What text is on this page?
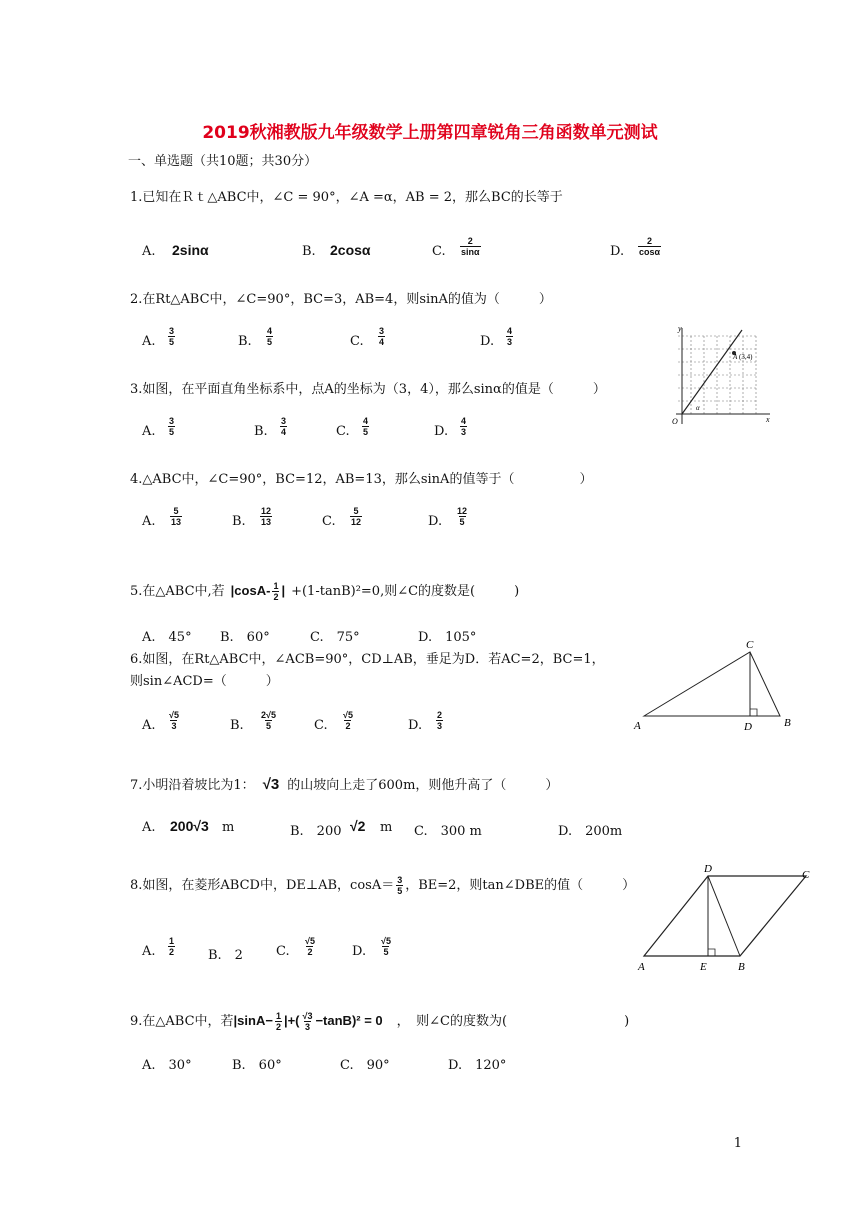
2019秋湘教版九年级数学上册第四章锐角三角函数单元测试
一、单选题（共10题；共30分）
1.已知在Ｒｔ△ABC中，∠C = 90°，∠A =α，AB = 2，那么BC的长等于
A. 2sinα	B. 2cosα	C. $\frac{2}{\sin\alpha}$	D. $\frac{2}{\cos\alpha}$
2.在Rt△ABC中，∠C=90°，BC=3，AB=4，则sinA的值为（　　　）
A. $\frac{3}{5}$	B. $\frac{4}{5}$	C. $\frac{3}{4}$	D. $\frac{4}{3}$
3.如图，在平面直角坐标系中，点A的坐标为（3，4），那么sinα的值是（　　　）
A. $\frac{3}{5}$	B. $\frac{3}{4}$	C. $\frac{4}{5}$	D. $\frac{4}{3}$
y
x
O
A (3,4)
α
4.△ABC中，∠C=90°，BC=12，AB=13，那么sinA的值等于（　　　　　）
A. $\frac{5}{13}$	B. $\frac{12}{13}$	C. $\frac{5}{12}$	D. $\frac{12}{5}$
5.在△ABC中,若 $|\cos A- \frac{1}{2}$ | +(1-tanB)²=0,则∠C的度数是(　　　)
A.　45° B.　60°	C.　75°	D.　105°
6.如图，在Rt△ABC中，∠ACB=90°，CD⊥AB，垂足为D．若AC=2，BC=1，
则sin∠ACD=（　　　）
A. $\frac{√5}{3}$	B. $\frac{2√5}{5}$	C. $\frac{√5}{2}$	D. $\frac{2}{3}$	A
C
D	B
7.小明沿着坡比为1： √3 的山坡向上走了600m，则他升高了（　　　）
A. 200√3 m	B.　200 √2 m C.　300 m	D.　200m
8.如图，在菱形ABCD中，DE⊥AB，$\cos A= \frac{3}{5}$ ，BE=2，则tan∠DBE的值（　　　）
A. $\frac{1}{2}$	B.　2	C. $\frac{√5}{2}$	D. $\frac{√5}{5}$
A
D	C
E	B
9.在△ABC中，若$|\sin A- \frac{1}{2}$ |+( $\frac{√3}{3} -\tan B)^2 = 0$ ，　则∠C的度数为(　　　　　　　　　)
A.　30°	B.　60°	C.　90°	D.　120°
1
